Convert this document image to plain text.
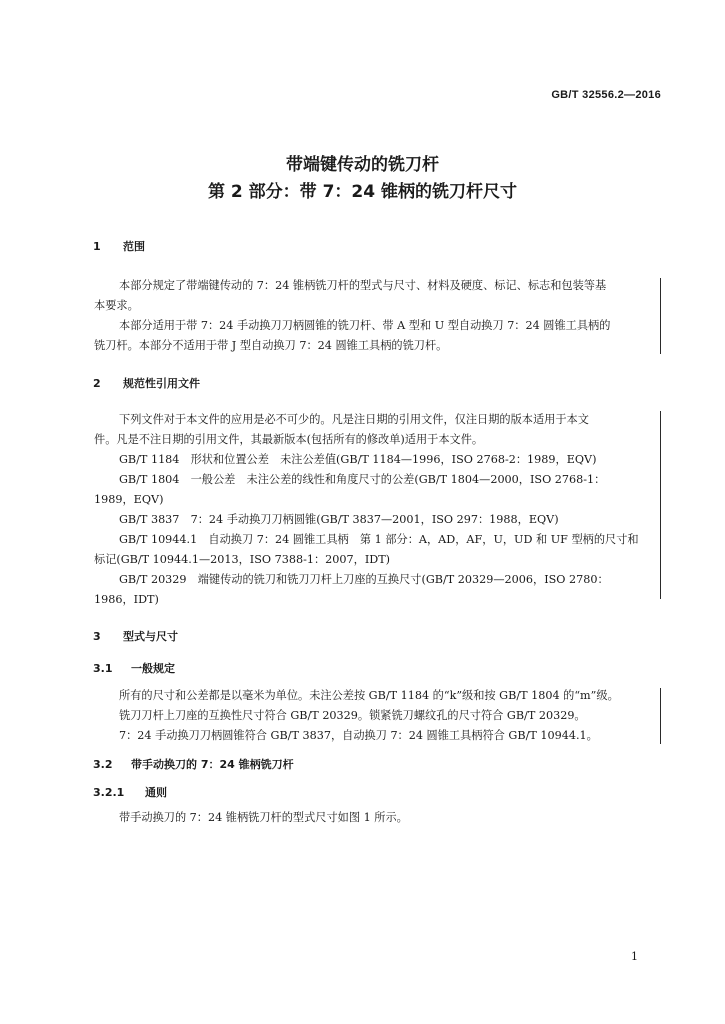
GB/T 32556.2—2016
带端键传动的铣刀杆
第 2 部分：带 7：24 锥柄的铣刀杆尺寸
1 范围
本部分规定了带端键传动的 7：24 锥柄铣刀杆的型式与尺寸、材料及硬度、标记、标志和包装等基
本要求。
本部分适用于带 7：24 手动换刀刀柄圆锥的铣刀杆、带 A 型和 U 型自动换刀 7：24 圆锥工具柄的
铣刀杆。本部分不适用于带 J 型自动换刀 7：24 圆锥工具柄的铣刀杆。
2 规范性引用文件
下列文件对于本文件的应用是必不可少的。凡是注日期的引用文件，仅注日期的版本适用于本文
件。凡是不注日期的引用文件，其最新版本(包括所有的修改单)适用于本文件。
GB/T 1184　形状和位置公差　未注公差值(GB/T 1184—1996，ISO 2768-2：1989，EQV)
GB/T 1804　一般公差　未注公差的线性和角度尺寸的公差(GB/T 1804—2000，ISO 2768-1：
1989，EQV)
GB/T 3837　7：24 手动换刀刀柄圆锥(GB/T 3837—2001，ISO 297：1988，EQV)
GB/T 10944.1　自动换刀 7：24 圆锥工具柄　第 1 部分：A，AD，AF，U，UD 和 UF 型柄的尺寸和
标记(GB/T 10944.1—2013，ISO 7388-1：2007，IDT)
GB/T 20329　端键传动的铣刀和铣刀刀杆上刀座的互换尺寸(GB/T 20329—2006，ISO 2780：
1986，IDT)
3 型式与尺寸
3.1 一般规定
所有的尺寸和公差都是以毫米为单位。未注公差按 GB/T 1184 的“k”级和按 GB/T 1804 的“m”级。
铣刀刀杆上刀座的互换性尺寸符合 GB/T 20329。锁紧铣刀螺纹孔的尺寸符合 GB/T 20329。
7：24 手动换刀刀柄圆锥符合 GB/T 3837，自动换刀 7：24 圆锥工具柄符合 GB/T 10944.1。
3.2 带手动换刀的 7：24 锥柄铣刀杆
3.2.1 通则
带手动换刀的 7：24 锥柄铣刀杆的型式尺寸如图 1 所示。
1
